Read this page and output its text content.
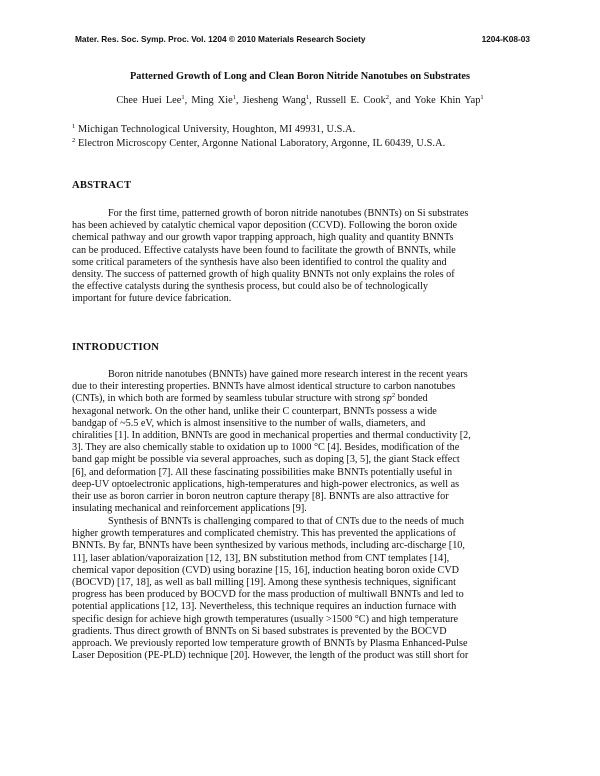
Mater. Res. Soc. Symp. Proc. Vol. 1204 © 2010 Materials Research Society	1204-K08-03
Patterned Growth of Long and Clean Boron Nitride Nanotubes on Substrates
Chee Huei Lee$^1$, Ming Xie$^1$, Jiesheng Wang$^1$, Russell E. Cook$^2$, and Yoke Khin Yap$^1$
$^1$ Michigan Technological University, Houghton, MI 49931, U.S.A.
$^2$ Electron Microscopy Center, Argonne National Laboratory, Argonne, IL 60439, U.S.A.
ABSTRACT
For the first time, patterned growth of boron nitride nanotubes (BNNTs) on Si substrates
has been achieved by catalytic chemical vapor deposition (CCVD). Following the boron oxide
chemical pathway and our growth vapor trapping approach, high quality and quantity BNNTs
can be produced. Effective catalysts have been found to facilitate the growth of BNNTs, while
some critical parameters of the synthesis have also been identified to control the quality and
density. The success of patterned growth of high quality BNNTs not only explains the roles of
the effective catalysts during the synthesis process, but could also be of technologically
important for future device fabrication.
INTRODUCTION
Boron nitride nanotubes (BNNTs) have gained more research interest in the recent years
due to their interesting properties. BNNTs have almost identical structure to carbon nanotubes
(CNTs), in which both are formed by seamless tubular structure with strong $sp^2$ bonded
hexagonal network. On the other hand, unlike their C counterpart, BNNTs possess a wide
bandgap of ~5.5 eV, which is almost insensitive to the number of walls, diameters, and
chiralities [1]. In addition, BNNTs are good in mechanical properties and thermal conductivity [2,
3]. They are also chemically stable to oxidation up to 1000 °C [4]. Besides, modification of the
band gap might be possible via several approaches, such as doping [3, 5], the giant Stack effect
[6], and deformation [7]. All these fascinating possibilities make BNNTs potentially useful in
deep-UV optoelectronic applications, high-temperatures and high-power electronics, as well as
their use as boron carrier in boron neutron capture therapy [8]. BNNTs are also attractive for
insulating mechanical and reinforcement applications [9].
Synthesis of BNNTs is challenging compared to that of CNTs due to the needs of much
higher growth temperatures and complicated chemistry. This has prevented the applications of
BNNTs. By far, BNNTs have been synthesized by various methods, including arc-discharge [10,
11], laser ablation/vaporaization [12, 13], BN substitution method from CNT templates [14],
chemical vapor deposition (CVD) using borazine [15, 16], induction heating boron oxide CVD
(BOCVD) [17, 18], as well as ball milling [19]. Among these synthesis techniques, significant
progress has been produced by BOCVD for the mass production of multiwall BNNTs and led to
potential applications [12, 13]. Nevertheless, this technique requires an induction furnace with
specific design for achieve high growth temperatures (usually >1500 °C) and high temperature
gradients. Thus direct growth of BNNTs on Si based substrates is prevented by the BOCVD
approach. We previously reported low temperature growth of BNNTs by Plasma Enhanced-Pulse
Laser Deposition (PE-PLD) technique [20]. However, the length of the product was still short for
